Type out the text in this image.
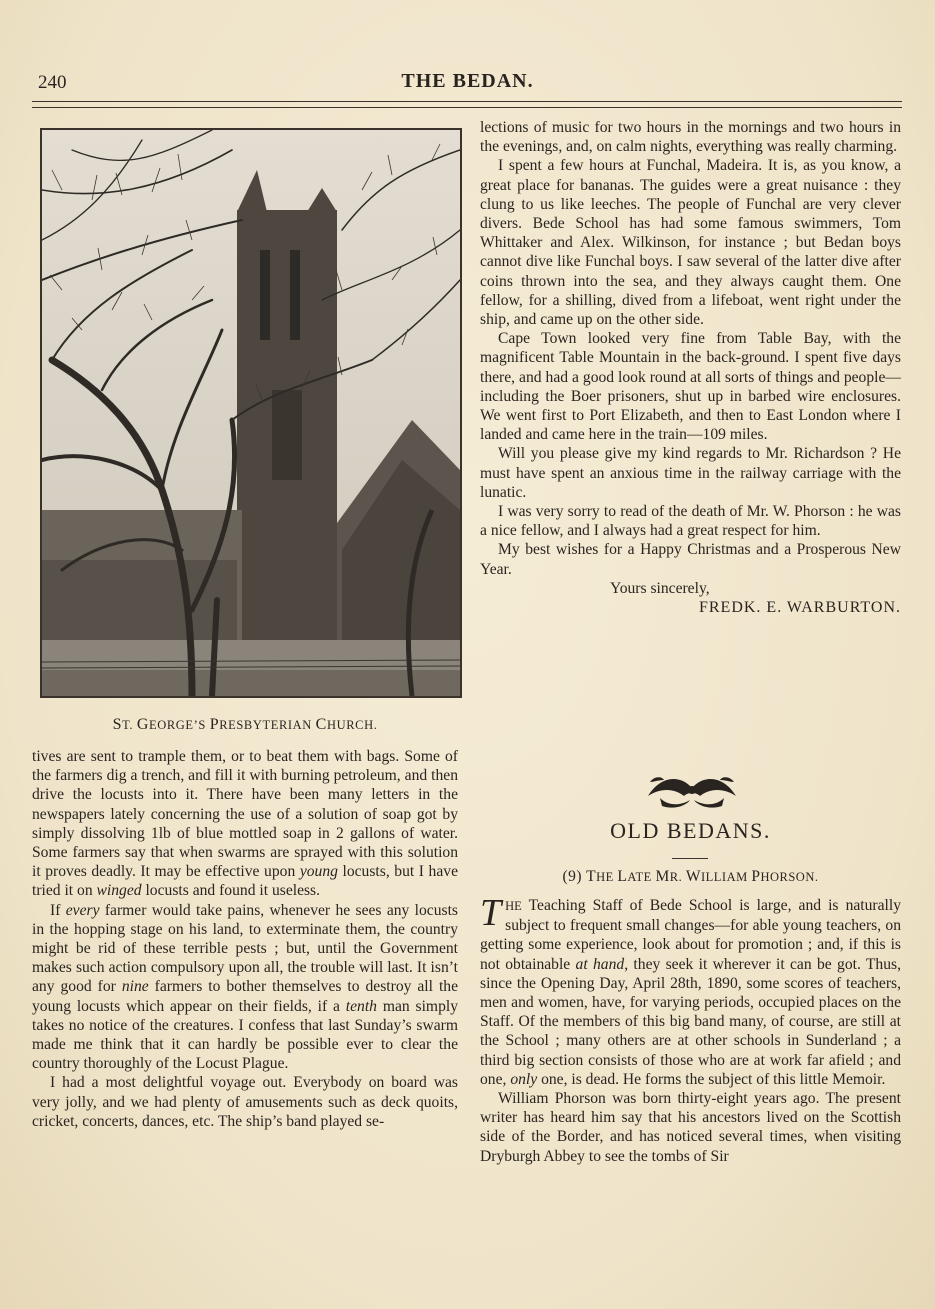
240	THE BEDAN.
ST. GEORGE’S PRESBYTERIAN CHURCH.

tives are sent to trample them, or to beat them with bags. Some of the farmers dig a trench, and fill it with burning petroleum, and then drive the locusts into it. There have been many letters in the newspapers lately concerning the use of a solution of soap got by simply dissolving 1lb of blue mottled soap in 2 gallons of water. Some farmers say that when swarms are sprayed with this solution it proves deadly. It may be effective upon young locusts, but I have tried it on winged locusts and found it useless.

If every farmer would take pains, whenever he sees any locusts in the hopping stage on his land, to exterminate them, the country might be rid of these terrible pests ; but, until the Government makes such action compulsory upon all, the trouble will last. It isn’t any good for nine farmers to bother themselves to destroy all the young locusts which appear on their fields, if a tenth man simply takes no notice of the creatures. I confess that last Sunday’s swarm made me think that it can hardly be possible ever to clear the country thoroughly of the Locust Plague.

I had a most delightful voyage out. Everybody on board was very jolly, and we had plenty of amusements such as deck quoits, cricket, concerts, dances, etc. The ship’s band played se-

lections of music for two hours in the mornings and two hours in the evenings, and, on calm nights, everything was really charming.

I spent a few hours at Funchal, Madeira. It is, as you know, a great place for bananas. The guides were a great nuisance : they clung to us like leeches. The people of Funchal are very clever divers. Bede School has had some famous swimmers, Tom Whittaker and Alex. Wilkinson, for instance ; but Bedan boys cannot dive like Funchal boys. I saw several of the latter dive after coins thrown into the sea, and they always caught them. One fellow, for a shilling, dived from a lifeboat, went right under the ship, and came up on the other side.

Cape Town looked very fine from Table Bay, with the magnificent Table Mountain in the back-ground. I spent five days there, and had a good look round at all sorts of things and people—including the Boer prisoners, shut up in barbed wire enclosures. We went first to Port Elizabeth, and then to East London where I landed and came here in the train—109 miles.

Will you please give my kind regards to Mr. Richardson ? He must have spent an anxious time in the railway carriage with the lunatic.

I was very sorry to read of the death of Mr. W. Phorson : he was a nice fellow, and I always had a great respect for him.

My best wishes for a Happy Christmas and a Prosperous New Year.

Yours sincerely,

FREDK. E. WARBURTON.

OLD BEDANS.
(9) THE LATE MR. WILLIAM PHORSON.

THE Teaching Staff of Bede School is large, and is naturally subject to frequent small changes—for able young teachers, on getting some experience, look about for promotion ; and, if this is not obtainable at hand, they seek it wherever it can be got. Thus, since the Opening Day, April 28th, 1890, some scores of teachers, men and women, have, for varying periods, occupied places on the Staff. Of the members of this big band many, of course, are still at the School ; many others are at other schools in Sunderland ; a third big section consists of those who are at work far afield ; and one, only one, is dead. He forms the subject of this little Memoir.

William Phorson was born thirty-eight years ago. The present writer has heard him say that his ancestors lived on the Scottish side of the Border, and has noticed several times, when visiting Dryburgh Abbey to see the tombs of Sir
